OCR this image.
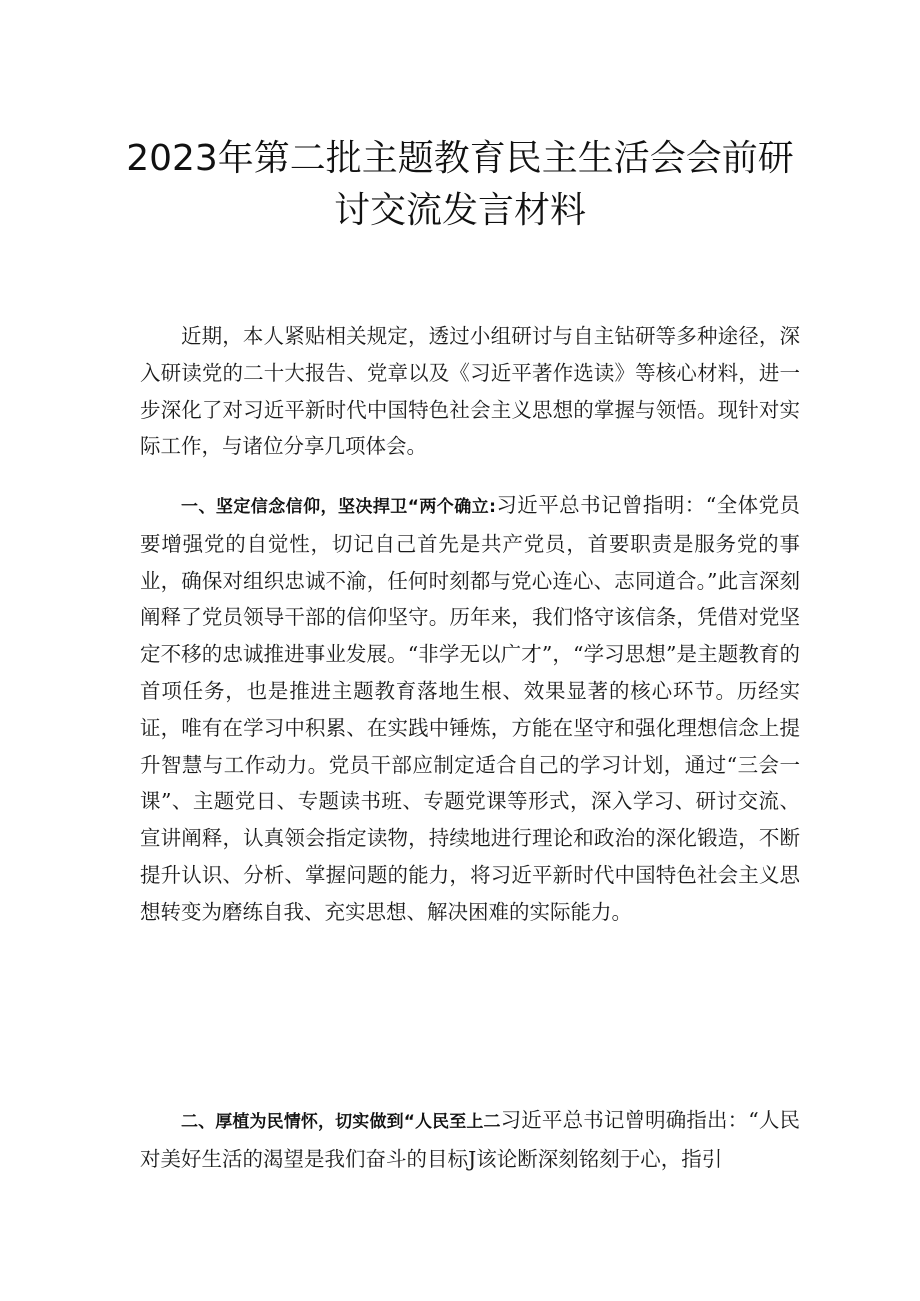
2023年第二批主题教育民主生活会会前研
讨交流发言材料

近期，本人紧贴相关规定，透过小组研讨与自主钻研等多种途径，深入研读党的二十大报告、党章以及《习近平著作选读》等核心材料，进一步深化了对习近平新时代中国特色社会主义思想的掌握与领悟。现针对实际工作，与诸位分享几项体会。

一、坚定信念信仰，坚决捍卫“两个确立:习近平总书记曾指明：“全体党员要增强党的自觉性，切记自己首先是共产党员，首要职责是服务党的事业，确保对组织忠诚不渝，任何时刻都与党心连心、志同道合。”此言深刻阐释了党员领导干部的信仰坚守。历年来，我们恪守该信条，凭借对党坚定不移的忠诚推进事业发展。“非学无以广才”，“学习思想”是主题教育的首项任务，也是推进主题教育落地生根、效果显著的核心环节。历经实证，唯有在学习中积累、在实践中锤炼，方能在坚守和强化理想信念上提升智慧与工作动力。党员干部应制定适合自己的学习计划，通过“三会一课”、主题党日、专题读书班、专题党课等形式，深入学习、研讨交流、宣讲阐释，认真领会指定读物，持续地进行理论和政治的深化锻造，不断提升认识、分析、掌握问题的能力，将习近平新时代中国特色社会主义思想转变为磨练自我、充实思想、解决困难的实际能力。

二、厚植为民情怀，切实做到“人民至上二习近平总书记曾明确指出：“人民对美好生活的渴望是我们奋斗的目标J该论断深刻铭刻于心，指引
